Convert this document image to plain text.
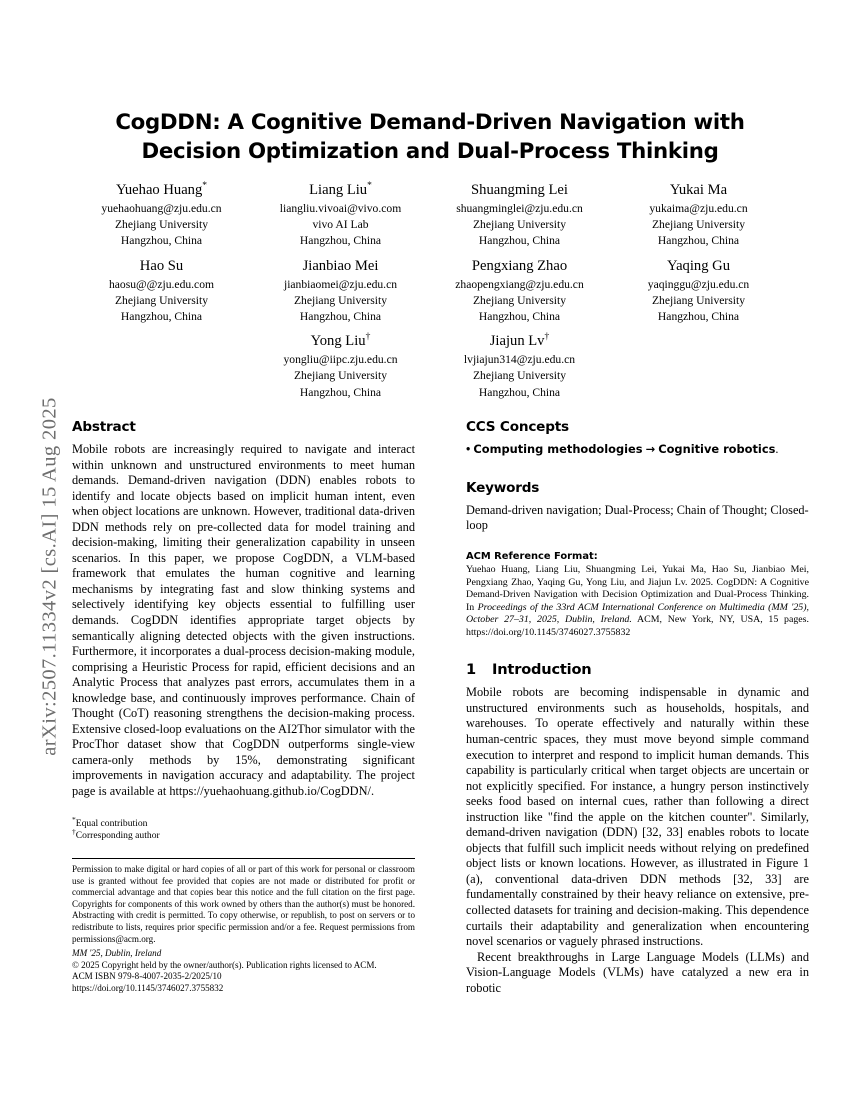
arXiv:2507.11334v2 [cs.AI] 15 Aug 2025
CogDDN: A Cognitive Demand-Driven Navigation with Decision Optimization and Dual-Process Thinking
Yuehao Huang*
yuehaohuang@zju.edu.cn
Zhejiang University
Hangzhou, China
Liang Liu*
liangliu.vivoai@vivo.com
vivo AI Lab
Hangzhou, China
Shuangming Lei
shuangminglei@zju.edu.cn
Zhejiang University
Hangzhou, China
Yukai Ma
yukaima@zju.edu.cn
Zhejiang University
Hangzhou, China
Hao Su
haosu@@zju.edu.com
Zhejiang University
Hangzhou, China
Jianbiao Mei
jianbiaomei@zju.edu.cn
Zhejiang University
Hangzhou, China
Pengxiang Zhao
zhaopengxiang@zju.edu.cn
Zhejiang University
Hangzhou, China
Yaqing Gu
yaqinggu@zju.edu.cn
Zhejiang University
Hangzhou, China
Yong Liu†
yongliu@iipc.zju.edu.cn
Zhejiang University
Hangzhou, China
Jiajun Lv†
lvjiajun314@zju.edu.cn
Zhejiang University
Hangzhou, China
Abstract

Mobile robots are increasingly required to navigate and interact within unknown and unstructured environments to meet human demands. Demand-driven navigation (DDN) enables robots to identify and locate objects based on implicit human intent, even when object locations are unknown. However, traditional data-driven DDN methods rely on pre-collected data for model training and decision-making, limiting their generalization capability in unseen scenarios. In this paper, we propose CogDDN, a VLM-based framework that emulates the human cognitive and learning mechanisms by integrating fast and slow thinking systems and selectively identifying key objects essential to fulfilling user demands. CogDDN identifies appropriate target objects by semantically aligning detected objects with the given instructions. Furthermore, it incorporates a dual-process decision-making module, comprising a Heuristic Process for rapid, efficient decisions and an Analytic Process that analyzes past errors, accumulates them in a knowledge base, and continuously improves performance. Chain of Thought (CoT) reasoning strengthens the decision-making process. Extensive closed-loop evaluations on the AI2Thor simulator with the ProcThor dataset show that CogDDN outperforms single-view camera-only methods by 15%, demonstrating significant improvements in navigation accuracy and adaptability. The project page is available at https://yuehaohuang.github.io/CogDDN/.

CCS Concepts

• Computing methodologies → Cognitive robotics.

Keywords

Demand-driven navigation; Dual-Process; Chain of Thought; Closed-loop

ACM Reference Format:
Yuehao Huang, Liang Liu, Shuangming Lei, Yukai Ma, Hao Su, Jianbiao Mei, Pengxiang Zhao, Yaqing Gu, Yong Liu, and Jiajun Lv. 2025. CogDDN: A Cognitive Demand-Driven Navigation with Decision Optimization and Dual-Process Thinking. In Proceedings of the 33rd ACM International Conference on Multimedia (MM '25), October 27–31, 2025, Dublin, Ireland. ACM, New York, NY, USA, 15 pages. https://doi.org/10.1145/3746027.3755832

1 Introduction

Mobile robots are becoming indispensable in dynamic and unstructured environments such as households, hospitals, and warehouses. To operate effectively and naturally within these human-centric spaces, they must move beyond simple command execution to interpret and respond to implicit human demands. This capability is particularly critical when target objects are uncertain or not explicitly specified. For instance, a hungry person instinctively seeks food based on internal cues, rather than following a direct instruction like "find the apple on the kitchen counter". Similarly, demand-driven navigation (DDN) [32, 33] enables robots to locate objects that fulfill such implicit needs without relying on predefined object lists or known locations. However, as illustrated in Figure 1 (a), conventional data-driven DDN methods [32, 33] are fundamentally constrained by their heavy reliance on extensive, pre-collected datasets for training and decision-making. This dependence curtails their adaptability and generalization when encountering novel scenarios or vaguely phrased instructions.

Recent breakthroughs in Large Language Models (LLMs) and Vision-Language Models (VLMs) have catalyzed a new era in robotic

*Equal contribution

†Corresponding author

Permission to make digital or hard copies of all or part of this work for personal or classroom use is granted without fee provided that copies are not made or distributed for profit or commercial advantage and that copies bear this notice and the full citation on the first page. Copyrights for components of this work owned by others than the author(s) must be honored. Abstracting with credit is permitted. To copy otherwise, or republish, to post on servers or to redistribute to lists, requires prior specific permission and/or a fee. Request permissions from permissions@acm.org.

MM '25, Dublin, Ireland

© 2025 Copyright held by the owner/author(s). Publication rights licensed to ACM.

ACM ISBN 979-8-4007-2035-2/2025/10

https://doi.org/10.1145/3746027.3755832
